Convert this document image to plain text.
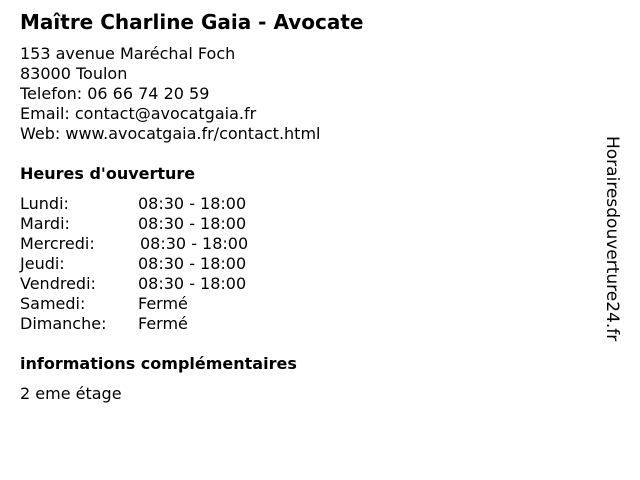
Maître Charline Gaia - Avocate
153 avenue Maréchal Foch
83000 Toulon
Telefon: 06 66 74 20 59
Email: contact@avocatgaia.fr
Web: www.avocatgaia.fr/contact.html
Heures d'ouverture
Lundi:	08:30 - 18:00
Mardi:	08:30 - 18:00
Mercredi:	08:30 - 18:00
Jeudi:	08:30 - 18:00
Vendredi:	08:30 - 18:00
Samedi:	Fermé
Dimanche: Fermé
informations complémentaires
2 eme étage
Horairesdouverture24.fr
